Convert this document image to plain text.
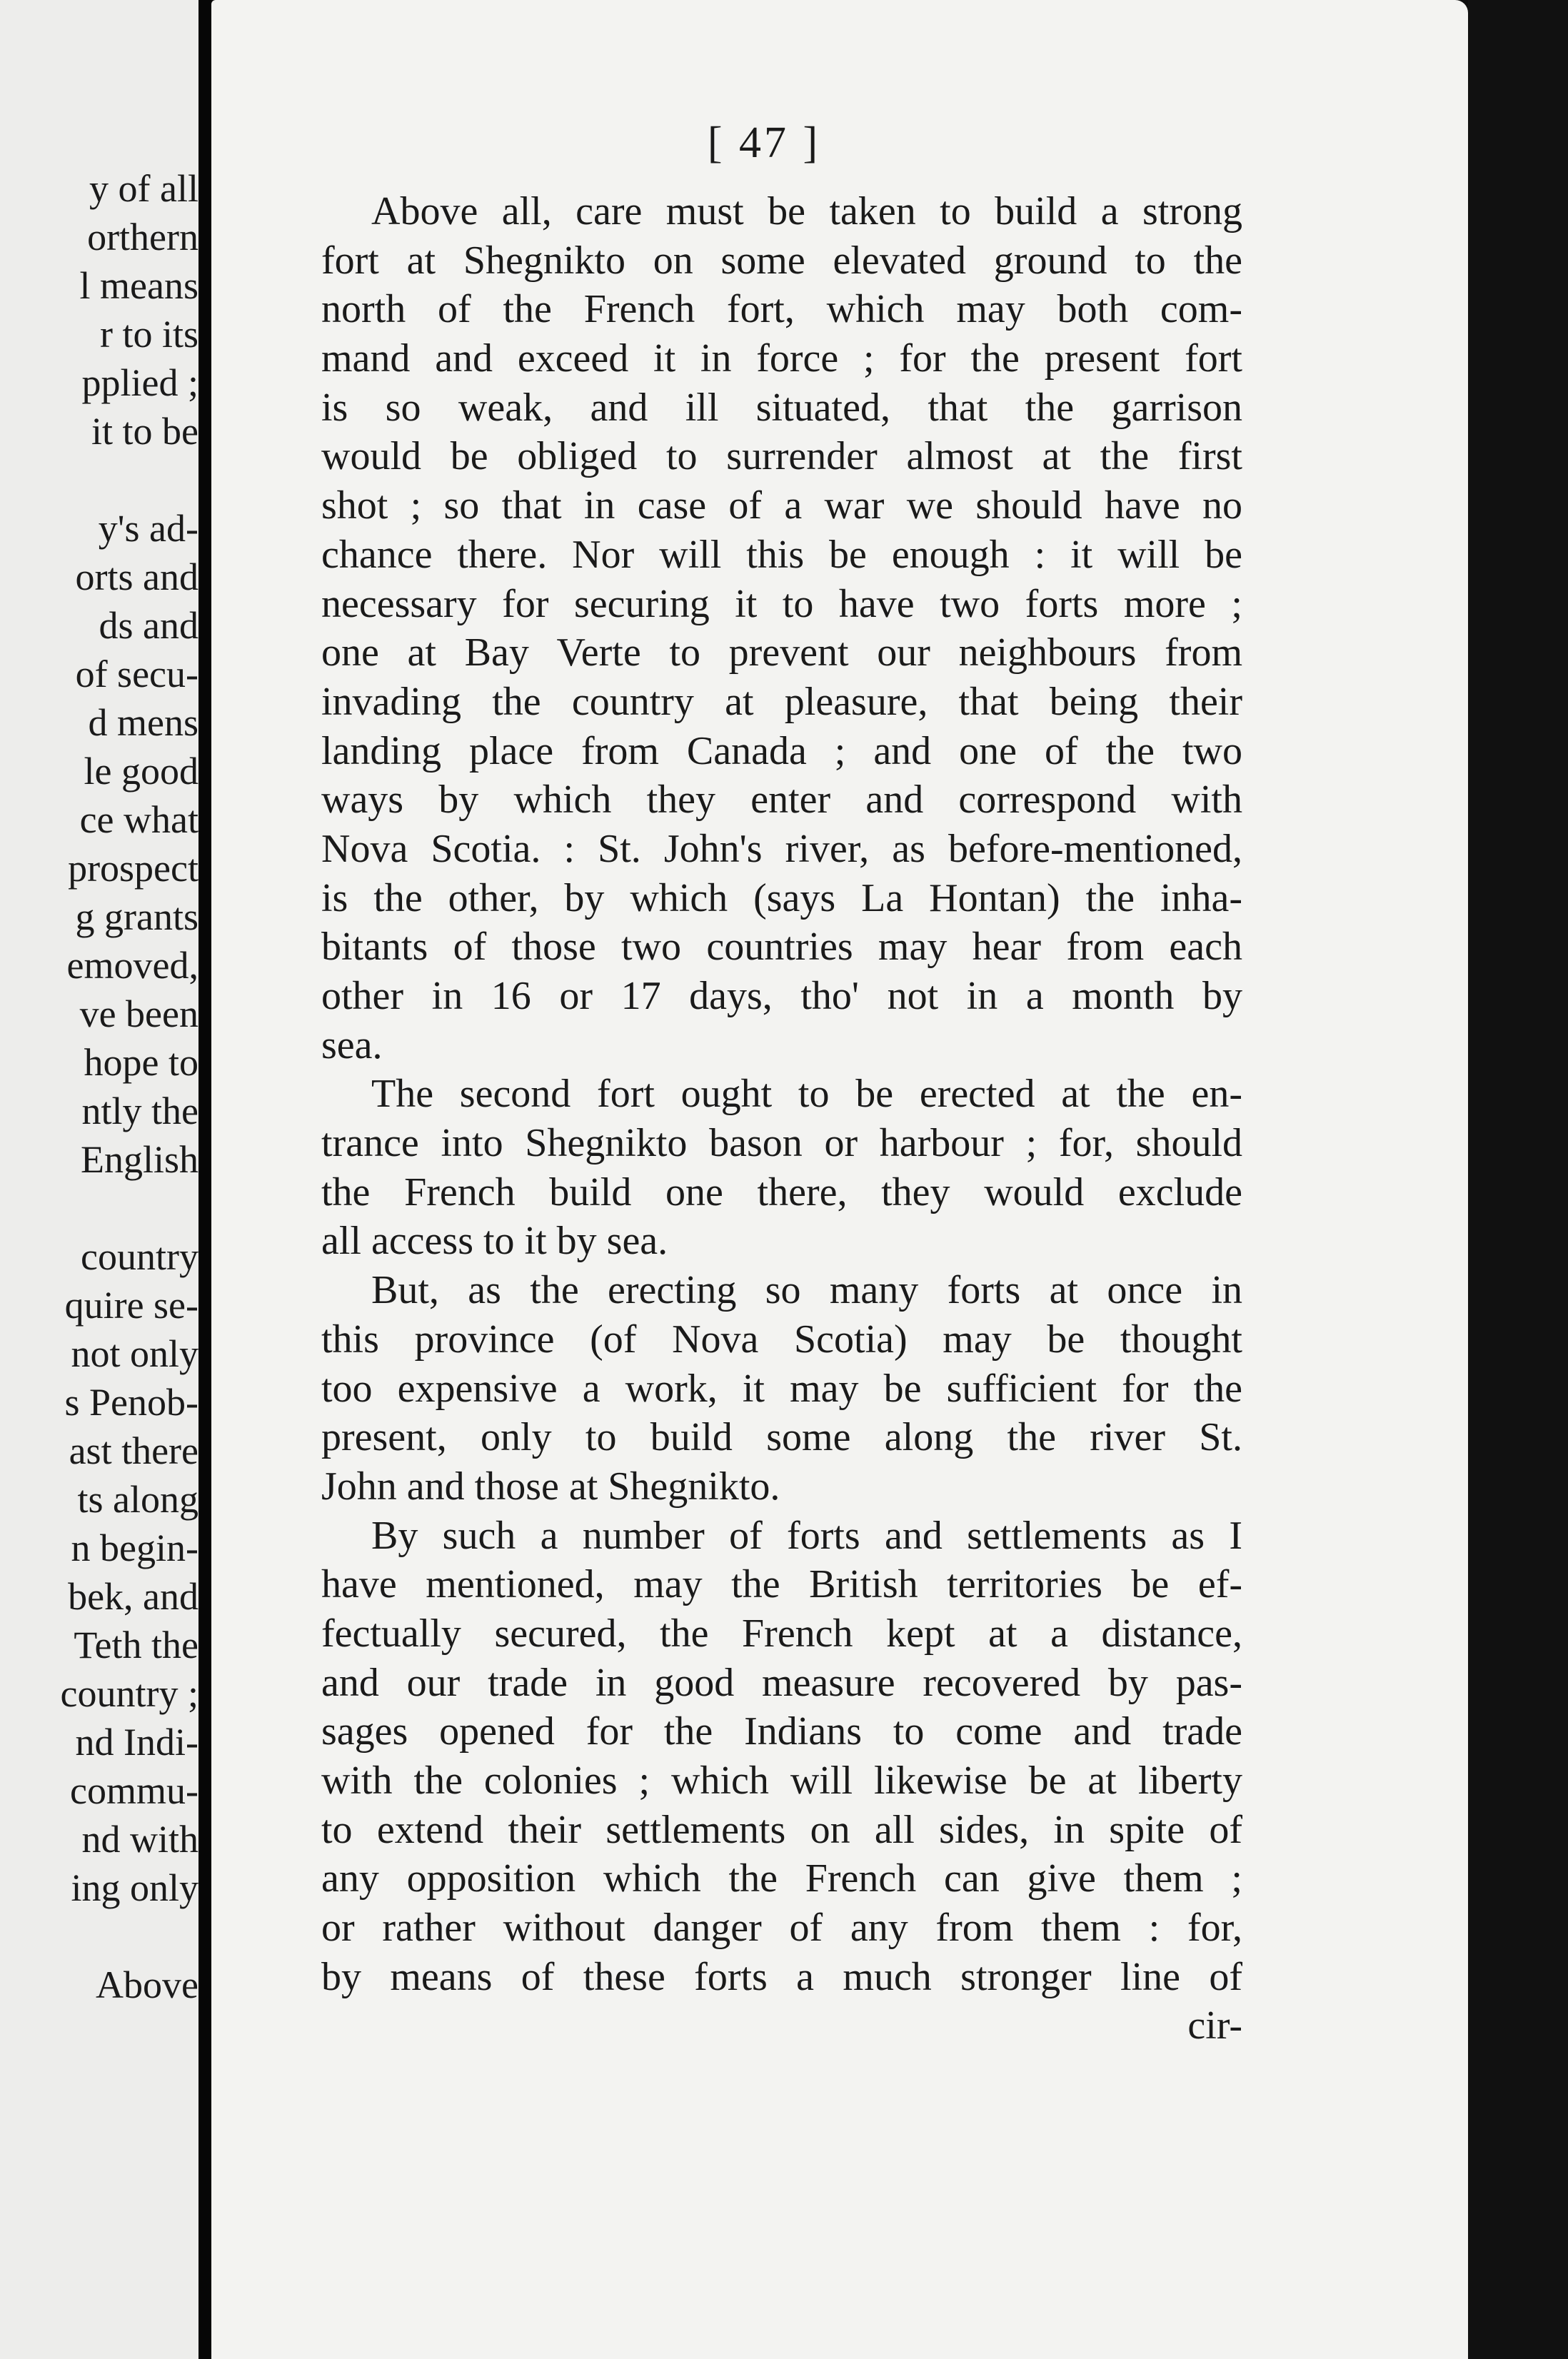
y of all
orthern
l means
r to its
pplied ;
it to be
y's ad-
orts and
ds and
of secu-
d mens
le good
ce what
prospect
g grants
emoved,
ve been
hope to
ntly the
English
country
quire se-
not only
s Penob-
ast there
ts along
n begin-
bek, and
Teth the
country ;
nd Indi-
commu-
nd with
ing only
Above
[ 47 ]
Above all, care must be taken to build a strong
fort at Shegnikto on some elevated ground to the
north of the French fort, which may both com-
mand and exceed it in force ; for the present fort
is so weak, and ill situated, that the garrison
would be obliged to surrender almost at the first
shot ; so that in case of a war we should have no
chance there. Nor will this be enough : it will be
necessary for securing it to have two forts more ;
one at Bay Verte to prevent our neighbours from
invading the country at pleasure, that being their
landing place from Canada ; and one of the two
ways by which they enter and correspond with
Nova Scotia. : St. John's river, as before-mentioned,
is the other, by which (says La Hontan) the inha-
bitants of those two countries may hear from each
other in 16 or 17 days, tho' not in a month by
sea.
The second fort ought to be erected at the en-
trance into Shegnikto bason or harbour ; for, should
the French build one there, they would exclude
all access to it by sea.
But, as the erecting so many forts at once in
this province (of Nova Scotia) may be thought
too expensive a work, it may be sufficient for the
present, only to build some along the river St.
John and those at Shegnikto.
By such a number of forts and settlements as I
have mentioned, may the British territories be ef-
fectually secured, the French kept at a distance,
and our trade in good measure recovered by pas-
sages opened for the Indians to come and trade
with the colonies ; which will likewise be at liberty
to extend their settlements on all sides, in spite of
any opposition which the French can give them ;
or rather without danger of any from them : for,
by means of these forts a much stronger line of
cir-
